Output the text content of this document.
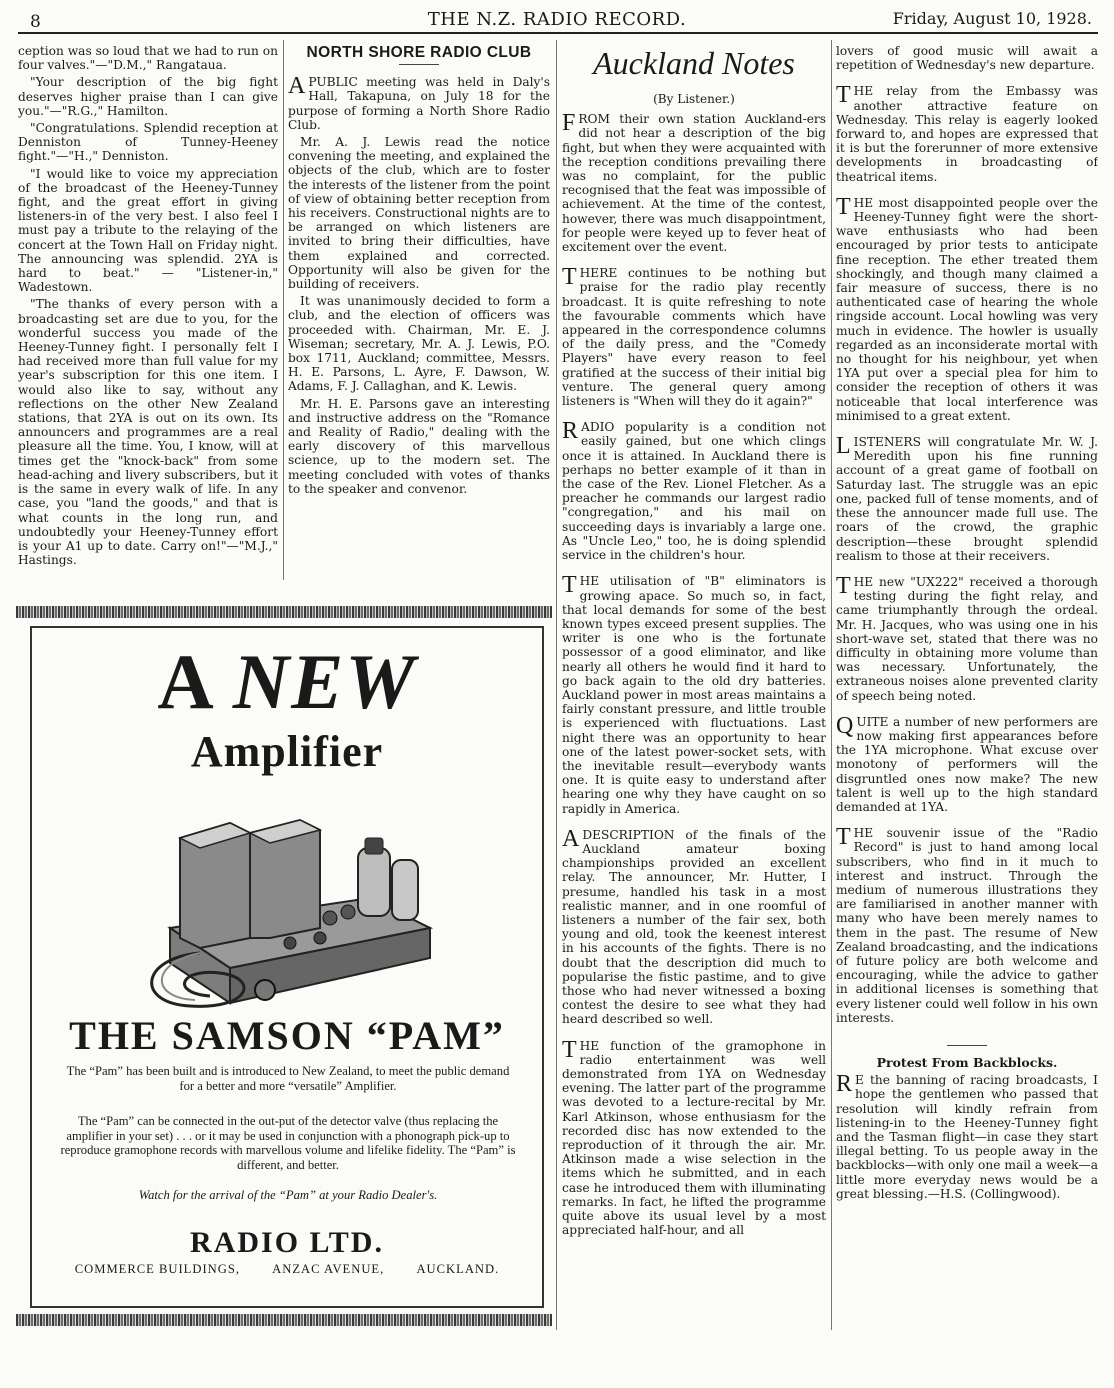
8	THE N.Z. RADIO RECORD.	Friday, August 10, 1928.

ception was so loud that we had to run on four valves."—"D.M.," Rangataua.

"Your description of the big fight deserves higher praise than I can give you."—"R.G.," Hamilton.

"Congratulations. Splendid reception at Denniston of Tunney-Heeney fight."—"H.," Denniston.

"I would like to voice my appreciation of the broadcast of the Heeney-Tunney fight, and the great effort in giving listeners-in of the very best. I also feel I must pay a tribute to the relaying of the concert at the Town Hall on Friday night. The announcing was splendid. 2YA is hard to beat." — "Listener-in," Wadestown.

"The thanks of every person with a broadcasting set are due to you, for the wonderful success you made of the Heeney-Tunney fight. I personally felt I had received more than full value for my year's subscription for this one item. I would also like to say, without any reflections on the other New Zealand stations, that 2YA is out on its own. Its announcers and programmes are a real pleasure all the time. You, I know, will at times get the "knock-back" from some head-aching and livery subscribers, but it is the same in every walk of life. In any case, you "land the goods," and that is what counts in the long run, and undoubtedly your Heeney-Tunney effort is your A1 up to date. Carry on!"—"M.J.," Hastings.

NORTH SHORE RADIO CLUB

APUBLIC meeting was held in Daly's Hall, Takapuna, on July 18 for the purpose of forming a North Shore Radio Club.

Mr. A. J. Lewis read the notice convening the meeting, and explained the objects of the club, which are to foster the interests of the listener from the point of view of obtaining better reception from his receivers. Constructional nights are to be arranged on which listeners are invited to bring their difficulties, have them explained and corrected. Opportunity will also be given for the building of receivers.

It was unanimously decided to form a club, and the election of officers was proceeded with. Chairman, Mr. E. J. Wiseman; secretary, Mr. A. J. Lewis, P.O. box 1711, Auckland; committee, Messrs. H. E. Parsons, L. Ayre, F. Dawson, W. Adams, F. J. Callaghan, and K. Lewis.

Mr. H. E. Parsons gave an interesting and instructive address on the "Romance and Reality of Radio," dealing with the early discovery of this marvellous science, up to the modern set. The meeting concluded with votes of thanks to the speaker and convenor.

Auckland Notes
(By Listener.)

FROM their own station Auckland-ers did not hear a description of the big fight, but when they were acquainted with the reception conditions prevailing there was no complaint, for the public recognised that the feat was impossible of achievement. At the time of the contest, however, there was much disappointment, for people were keyed up to fever heat of excitement over the event.

THERE continues to be nothing but praise for the radio play recently broadcast. It is quite refreshing to note the favourable comments which have appeared in the correspondence columns of the daily press, and the "Comedy Players" have every reason to feel gratified at the success of their initial big venture. The general query among listeners is "When will they do it again?"

RADIO popularity is a condition not easily gained, but one which clings once it is attained. In Auckland there is perhaps no better example of it than in the case of the Rev. Lionel Fletcher. As a preacher he commands our largest radio "congregation," and his mail on succeeding days is invariably a large one. As "Uncle Leo," too, he is doing splendid service in the children's hour.

THE utilisation of "B" eliminators is growing apace. So much so, in fact, that local demands for some of the best known types exceed present supplies. The writer is one who is the fortunate possessor of a good eliminator, and like nearly all others he would find it hard to go back again to the old dry batteries. Auckland power in most areas maintains a fairly constant pressure, and little trouble is experienced with fluctuations. Last night there was an opportunity to hear one of the latest power-socket sets, with the inevitable result—everybody wants one. It is quite easy to understand after hearing one why they have caught on so rapidly in America.

ADESCRIPTION of the finals of the Auckland amateur boxing championships provided an excellent relay. The announcer, Mr. Hutter, I presume, handled his task in a most realistic manner, and in one roomful of listeners a number of the fair sex, both young and old, took the keenest interest in his accounts of the fights. There is no doubt that the description did much to popularise the fistic pastime, and to give those who had never witnessed a boxing contest the desire to see what they had heard described so well.

THE function of the gramophone in radio entertainment was well demonstrated from 1YA on Wednesday evening. The latter part of the programme was devoted to a lecture-recital by Mr. Karl Atkinson, whose enthusiasm for the recorded disc has now extended to the reproduction of it through the air. Mr. Atkinson made a wise selection in the items which he submitted, and in each case he introduced them with illuminating remarks. In fact, he lifted the programme quite above its usual level by a most appreciated half-hour, and all

lovers of good music will await a repetition of Wednesday's new departure.

THE relay from the Embassy was another attractive feature on Wednesday. This relay is eagerly looked forward to, and hopes are expressed that it is but the forerunner of more extensive developments in broadcasting of theatrical items.

THE most disappointed people over the Heeney-Tunney fight were the short-wave enthusiasts who had been encouraged by prior tests to anticipate fine reception. The ether treated them shockingly, and though many claimed a fair measure of success, there is no authenticated case of hearing the whole ringside account. Local howling was very much in evidence. The howler is usually regarded as an inconsiderate mortal with no thought for his neighbour, yet when 1YA put over a special plea for him to consider the reception of others it was noticeable that local interference was minimised to a great extent.

LISTENERS will congratulate Mr. W. J. Meredith upon his fine running account of a great game of football on Saturday last. The struggle was an epic one, packed full of tense moments, and of these the announcer made full use. The roars of the crowd, the graphic description—these brought splendid realism to those at their receivers.

THE new "UX222" received a thorough testing during the fight relay, and came triumphantly through the ordeal. Mr. H. Jacques, who was using one in his short-wave set, stated that there was no difficulty in obtaining more volume than was necessary. Unfortunately, the extraneous noises alone prevented clarity of speech being noted.

QUITE a number of new performers are now making first appearances before the 1YA microphone. What excuse over monotony of performers will the disgruntled ones now make? The new talent is well up to the high standard demanded at 1YA.

THE souvenir issue of the "Radio Record" is just to hand among local subscribers, who find in it much to interest and instruct. Through the medium of numerous illustrations they are familiarised in another manner with many who have been merely names to them in the past. The resume of New Zealand broadcasting, and the indications of future policy are both welcome and encouraging, while the advice to gather in additional licenses is something that every listener could well follow in his own interests.

Protest From Backblocks.

R E the banning of racing broadcasts, I hope the gentlemen who passed that resolution will kindly refrain from listening-in to the Heeney-Tunney fight and the Tasman flight—in case they start illegal betting. To us people away in the backblocks—with only one mail a week—a little more everyday news would be a great blessing.—H.S. (Collingwood).

A NEW
Amplifier
THE SAMSON “PAM”
The “Pam” has been built and is introduced to New Zealand, to meet the public demand for a better and more “versatile” Amplifier.
The “Pam” can be connected in the out-put of the detector valve (thus replacing the amplifier in your set) . . . or it may be used in conjunction with a phonograph pick-up to reproduce gramophone records with marvellous volume and lifelike fidelity. The “Pam” is different, and better.
Watch for the arrival of the “Pam” at your Radio Dealer's.
RADIO LTD.
COMMERCE BUILDINGS,	ANZAC AVENUE,	AUCKLAND.
